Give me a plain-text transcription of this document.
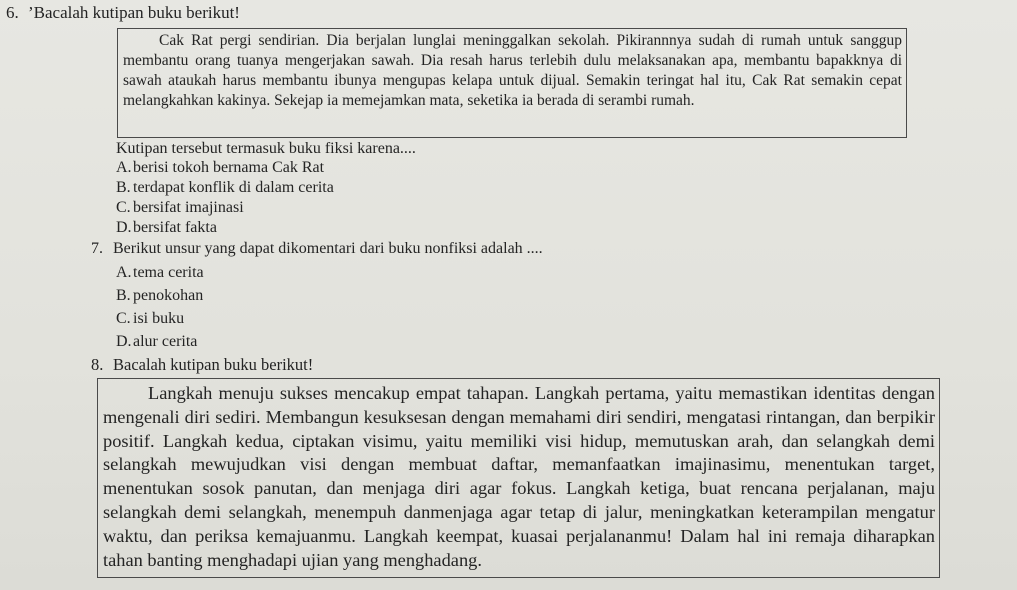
6. ’Bacalah kutipan buku berikut!

Cak Rat pergi sendirian. Dia berjalan lunglai meninggalkan sekolah. Pikirannnya sudah di rumah untuk sanggup membantu orang tuanya mengerjakan sawah. Dia resah harus terlebih dulu melaksanakan apa, membantu bapakknya di sawah ataukah harus membantu ibunya mengupas kelapa untuk dijual. Semakin teringat hal itu, Cak Rat semakin cepat melangkahkan kakinya. Sekejap ia memejamkan mata, seketika ia berada di serambi rumah.

Kutipan tersebut termasuk buku fiksi karena....
A.berisi tokoh bernama Cak Rat
B. terdapat konflik di dalam cerita
C. bersifat imajinasi
D.bersifat fakta
7. Berikut unsur yang dapat dikomentari dari buku nonfiksi adalah ....
A.tema cerita
B. penokohan
C. isi buku
D.alur cerita
8. Bacalah kutipan buku berikut!

Langkah menuju sukses mencakup empat tahapan. Langkah pertama, yaitu memastikan identitas dengan mengenali diri sediri. Membangun kesuksesan dengan memahami diri sendiri, mengatasi rintangan, dan berpikir positif. Langkah kedua, ciptakan visimu, yaitu memiliki visi hidup, memutuskan arah, dan selangkah demi selangkah mewujudkan visi dengan membuat daftar, memanfaatkan imajinasimu, menentukan target, menentukan sosok panutan, dan menjaga diri agar fokus. Langkah ketiga, buat rencana perjalanan, maju selangkah demi selangkah, menempuh danmenjaga agar tetap di jalur, meningkatkan keterampilan mengatur waktu, dan periksa kemajuanmu. Langkah keempat, kuasai perjalananmu! Dalam hal ini remaja diharapkan tahan banting menghadapi ujian yang menghadang.
